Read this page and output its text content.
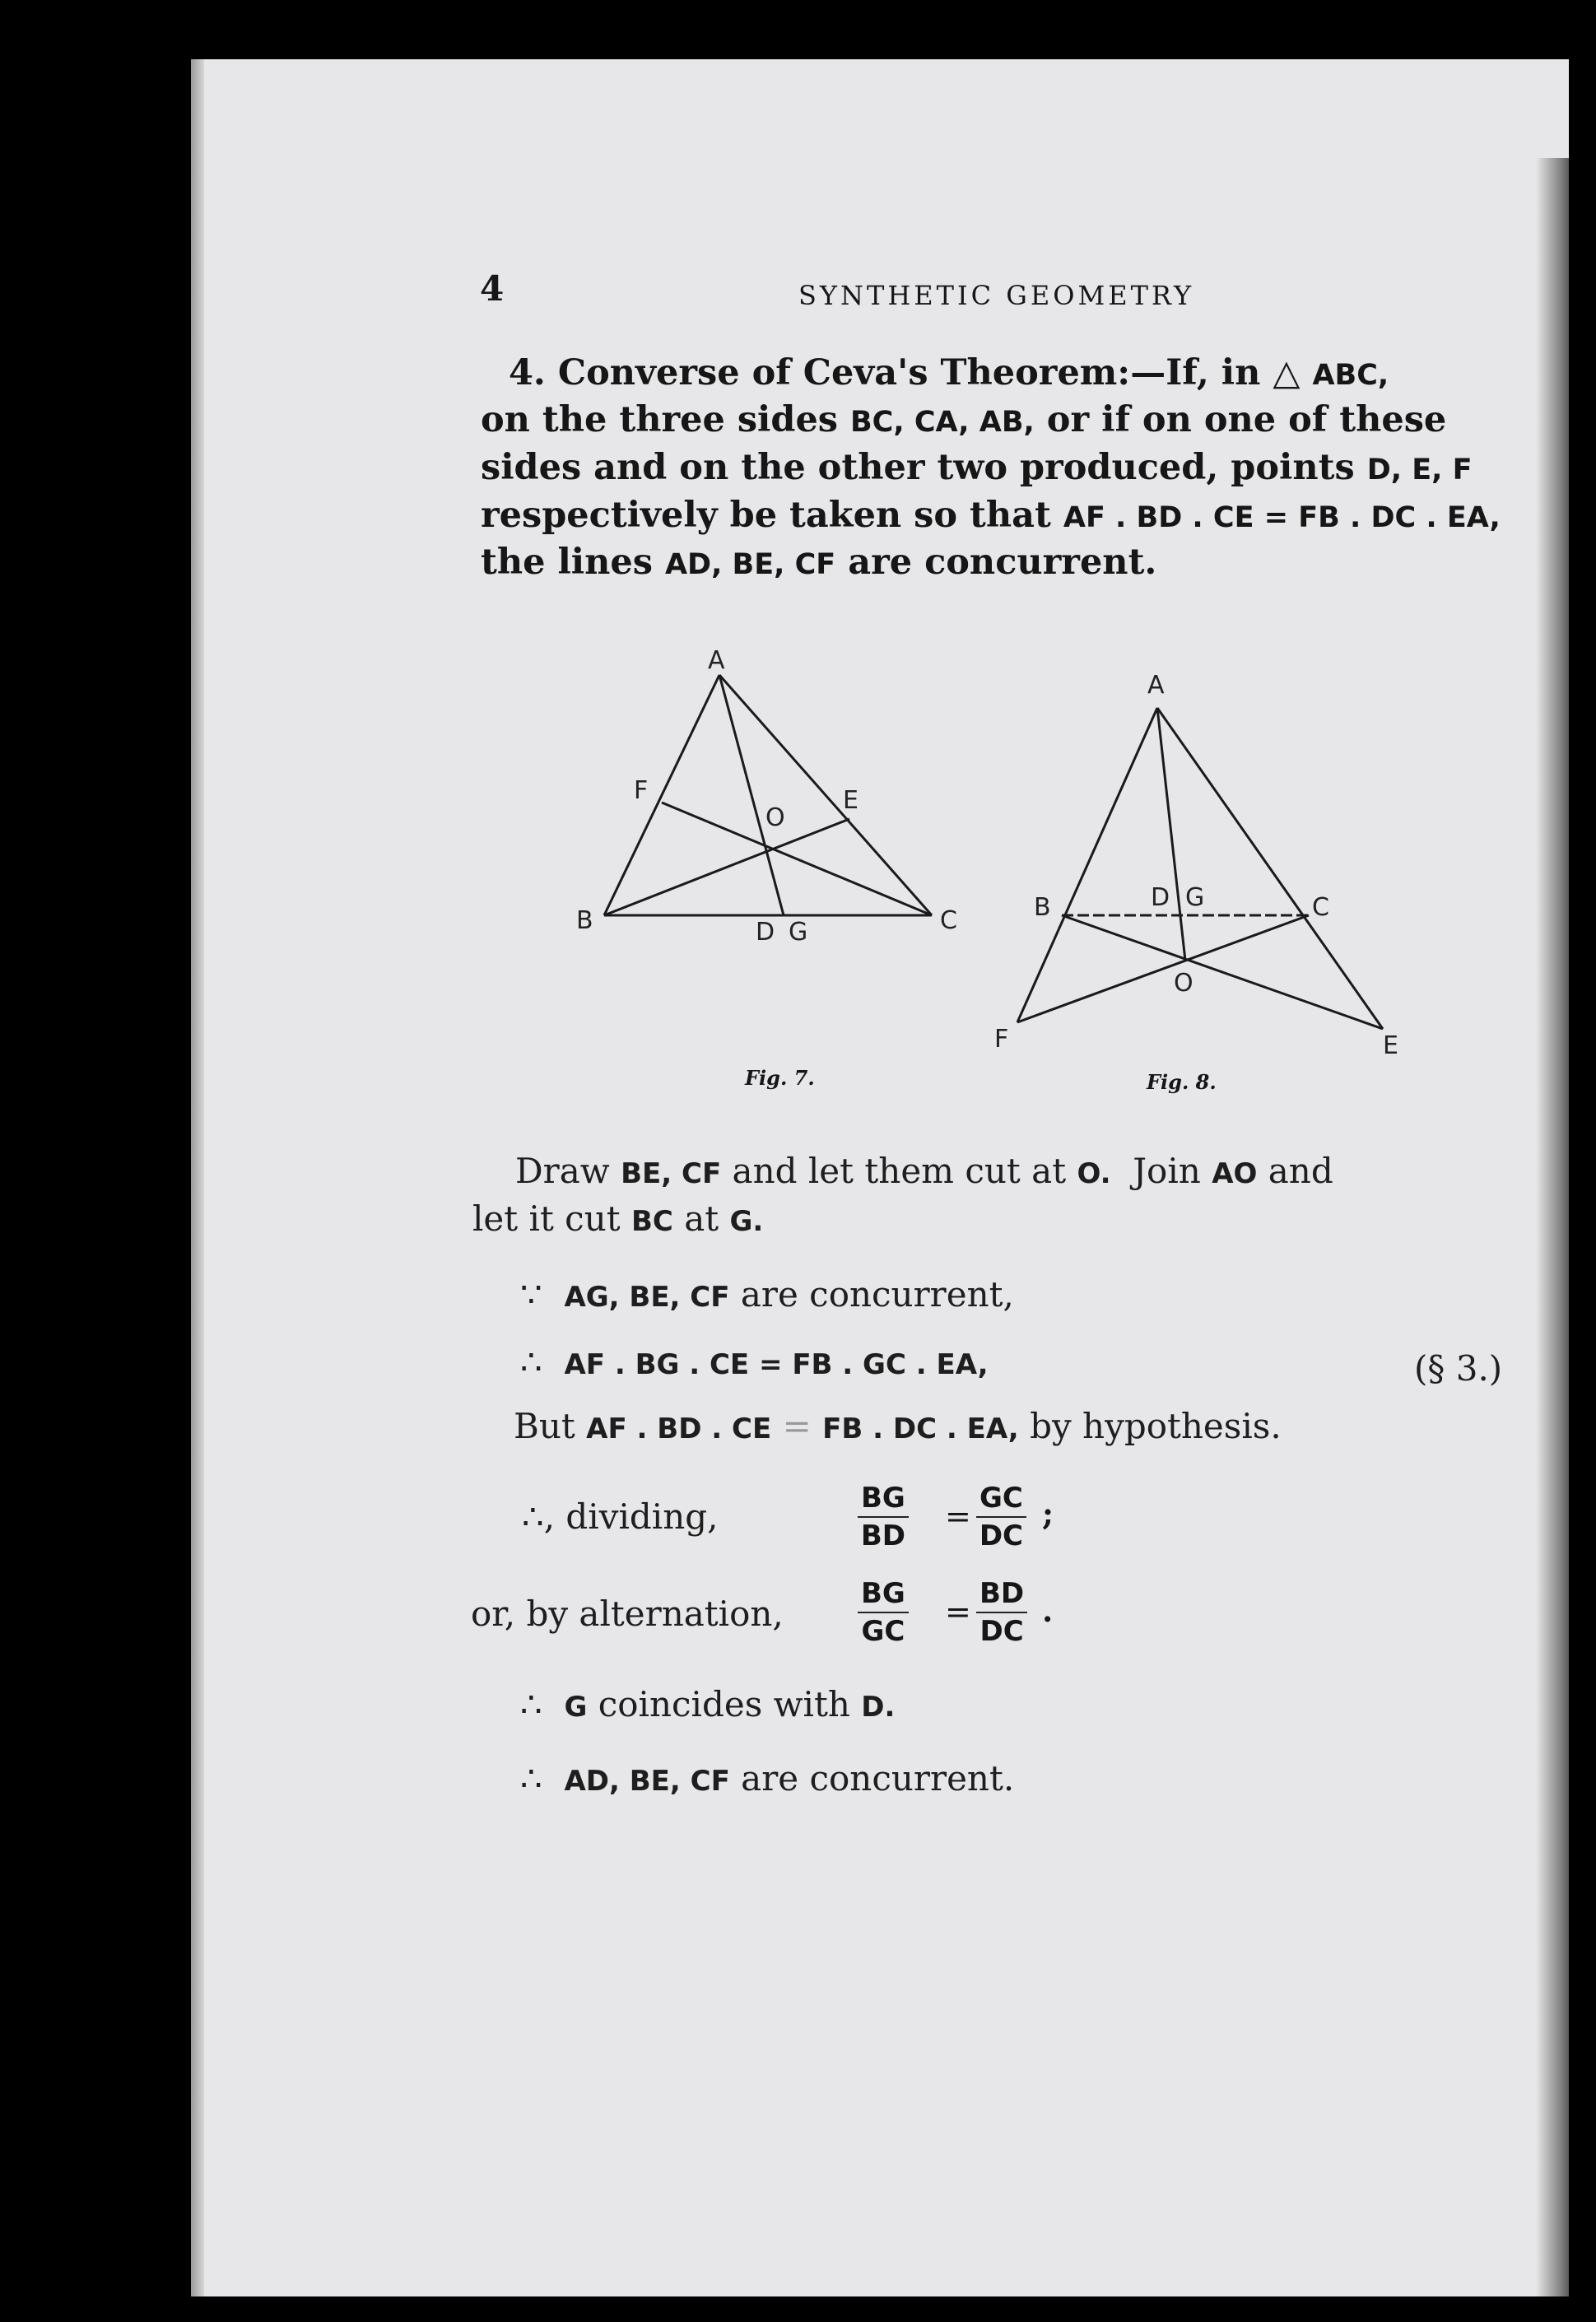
4	SYNTHETIC GEOMETRY
4. Converse of Ceva's Theorem:—If, in △ ABC,
on the three sides BC, CA, AB, or if on one of these
sides and on the other two produced, points D, E, F
respectively be taken so that AF . BD . CE = FB . DC . EA,
the lines AD, BE, CF are concurrent.
A
B	C
D G
E
F
O
A
B	C
D G
E
F
O
Fig. 7.	Fig. 8.
Draw BE, CF and let them cut at O. Join AO and
let it cut BC at G.
∵ AG, BE, CF are concurrent,
∴ AF . BG . CE = FB . GC . EA,	(§ 3.)
But AF . BD . CE = FB . DC . EA, by hypothesis.
∴, dividing,	$\frac{BG}{BD} = \frac{GC}{DC}$ ;
or, by alternation,	$\frac{BG}{GC} = \frac{BD}{DC}$ .
∴ G coincides with D.
∴ AD, BE, CF are concurrent.
